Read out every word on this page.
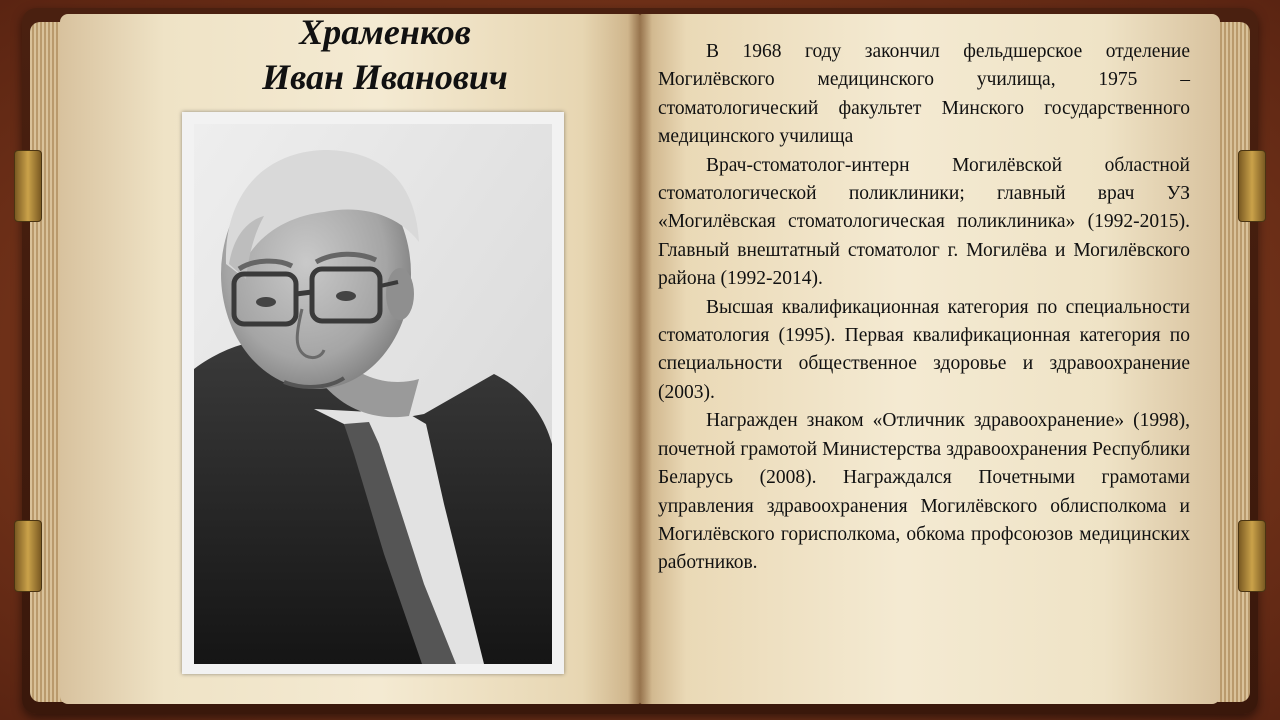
Храменков
Иван Иванович

В 1968 году закончил фельдшерское отделение Могилёвского медицинского училища, 1975 – стоматологический факультет Минского государственного медицинского училища

Врач-стоматолог-интерн Могилёвской областной стоматологической поликлиники; главный врач УЗ «Могилёвская стоматологическая поликлиника» (1992-2015). Главный внештатный стоматолог г. Могилёва и Могилёвского района (1992-2014).

Высшая квалификационная категория по специальности стоматология (1995). Первая квалификационная категория по специальности общественное здоровье и здравоохранение (2003).

Награжден знаком «Отличник здравоохранение» (1998), почетной грамотой Министерства здравоохранения Республики Беларусь (2008). Награждался Почетными грамотами управления здравоохранения Могилёвского облисполкома и Могилёвского горисполкома, обкома профсоюзов медицинских работников.
